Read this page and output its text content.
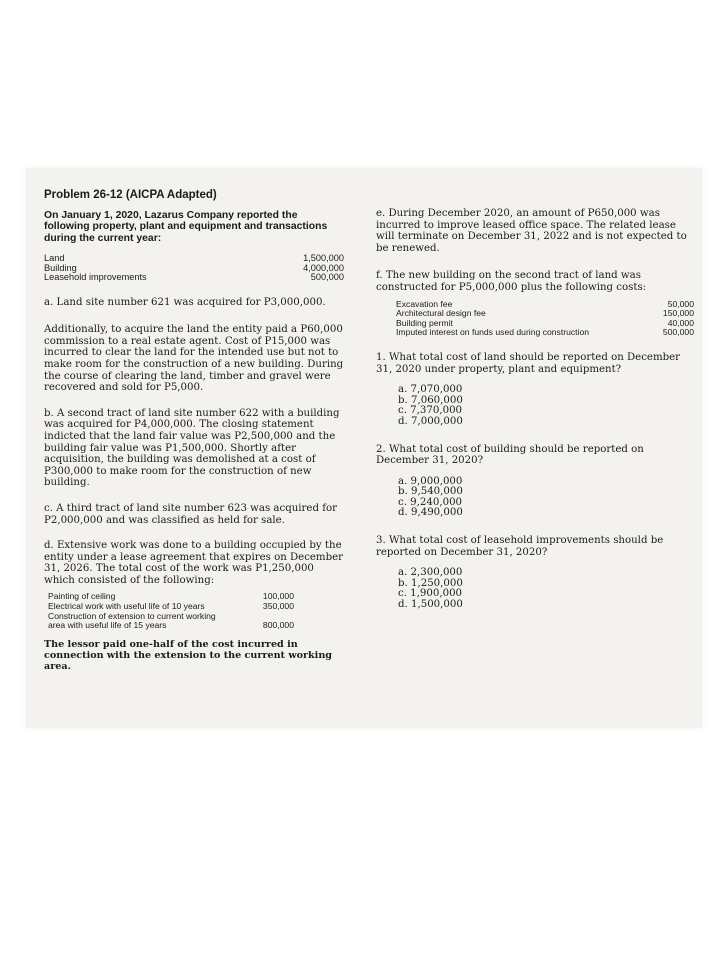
Problem 26-12 (AICPA Adapted)

On January 1, 2020, Lazarus Company reported the following property, plant and equipment and transactions during the current year:

Land	1,500,000
Building	4,000,000
Leasehold improvements	500,000

a. Land site number 621 was acquired for P3,000,000.

Additionally, to acquire the land the entity paid a P60,000 commission to a real estate agent. Cost of P15,000 was incurred to clear the land for the intended use but not to make room for the construction of a new building. During the course of clearing the land, timber and gravel were recovered and sold for P5,000.

b. A second tract of land site number 622 with a building was acquired for P4,000,000. The closing statement indicted that the land fair value was P2,500,000 and the building fair value was P1,500,000. Shortly after acquisition, the building was demolished at a cost of P300,000 to make room for the construction of new building.

c. A third tract of land site number 623 was acquired for P2,000,000 and was classified as held for sale.

d. Extensive work was done to a building occupied by the entity under a lease agreement that expires on December 31, 2026. The total cost of the work was P1,250,000 which consisted of the following:

Painting of ceiling	100,000
Electrical work with useful life of 10 years	350,000
Construction of extension to current working area with useful life of 15 years	800,000

The lessor paid one-half of the cost incurred in connection with the extension to the current working area.

e. During December 2020, an amount of P650,000 was incurred to improve leased office space. The related lease will terminate on December 31, 2022 and is not expected to be renewed.

f. The new building on the second tract of land was constructed for P5,000,000 plus the following costs:

Excavation fee	50,000
Architectural design fee	150,000
Building permit	40,000
Imputed interest on funds used during construction	500,000

1. What total cost of land should be reported on December 31, 2020 under property, plant and equipment?

a. 7,070,000
b. 7,060,000
c. 7,370,000
d. 7,000,000

2. What total cost of building should be reported on December 31, 2020?

a. 9,000,000
b. 9,540,000
c. 9,240,000
d. 9,490,000

3. What total cost of leasehold improvements should be reported on December 31, 2020?

a. 2,300,000
b. 1,250,000
c. 1,900,000
d. 1,500,000
